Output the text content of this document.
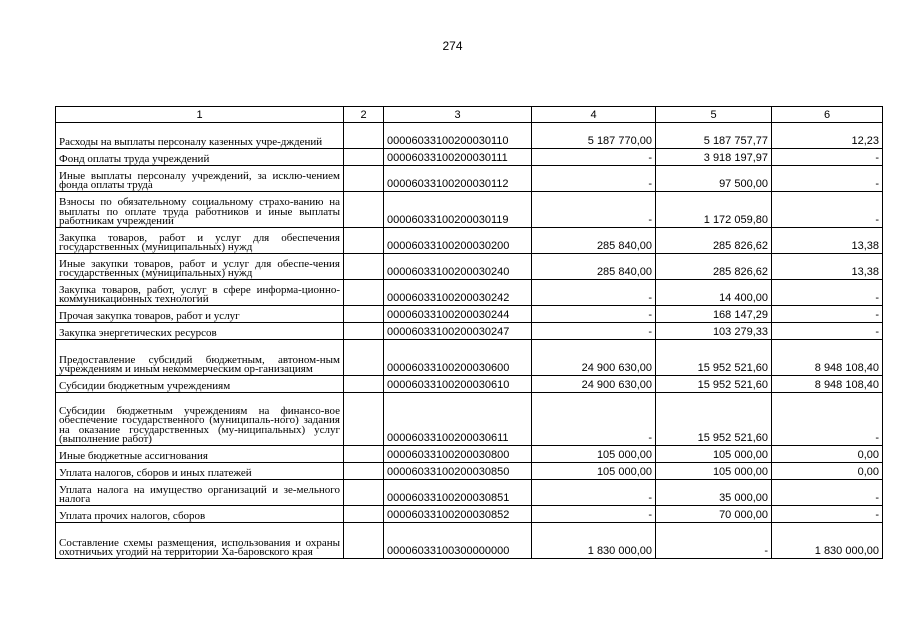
274
1	2	3	4	5	6
Расходы на выплаты персоналу казенных учре-дждений		00006033100200030110	5 187 770,00	5 187 757,77	12,23
Фонд оплаты труда учреждений		00006033100200030111	-	3 918 197,97	-
Иные выплаты персоналу учреждений, за исклю-чением фонда оплаты труда		00006033100200030112	-	97 500,00	-
Взносы по обязательному социальному страхо-ванию на выплаты по оплате труда работников и иные выплаты работникам учреждений		00006033100200030119	-	1 172 059,80	-
Закупка товаров, работ и услуг для обеспечения государственных (муниципальных) нужд		00006033100200030200	285 840,00	285 826,62	13,38
Иные закупки товаров, работ и услуг для обеспе-чения государственных (муниципальных) нужд		00006033100200030240	285 840,00	285 826,62	13,38
Закупка товаров, работ, услуг в сфере информа-ционно-коммуникационных технологий		00006033100200030242	-	14 400,00	-
Прочая закупка товаров, работ и услуг		00006033100200030244	-	168 147,29	-
Закупка энергетических ресурсов		00006033100200030247	-	103 279,33	-
Предоставление субсидий бюджетным, автоном-ным учреждениям и иным некоммерческим ор-ганизациям		00006033100200030600	24 900 630,00	15 952 521,60	8 948 108,40
Субсидии бюджетным учреждениям		00006033100200030610	24 900 630,00	15 952 521,60	8 948 108,40
Субсидии бюджетным учреждениям на финансо-вое обеспечение государственного (муниципаль-ного) задания на оказание государственных (му-ниципальных) услуг (выполнение работ)		00006033100200030611	-	15 952 521,60	-
Иные бюджетные ассигнования		00006033100200030800	105 000,00	105 000,00	0,00
Уплата налогов, сборов и иных платежей		00006033100200030850	105 000,00	105 000,00	0,00
Уплата налога на имущество организаций и зе-мельного налога		00006033100200030851	-	35 000,00	-
Уплата прочих налогов, сборов		00006033100200030852	-	70 000,00	-
Составление схемы размещения, использования и охраны охотничьих угодий на территории Ха-баровского края		00006033100300000000	1 830 000,00	-	1 830 000,00
